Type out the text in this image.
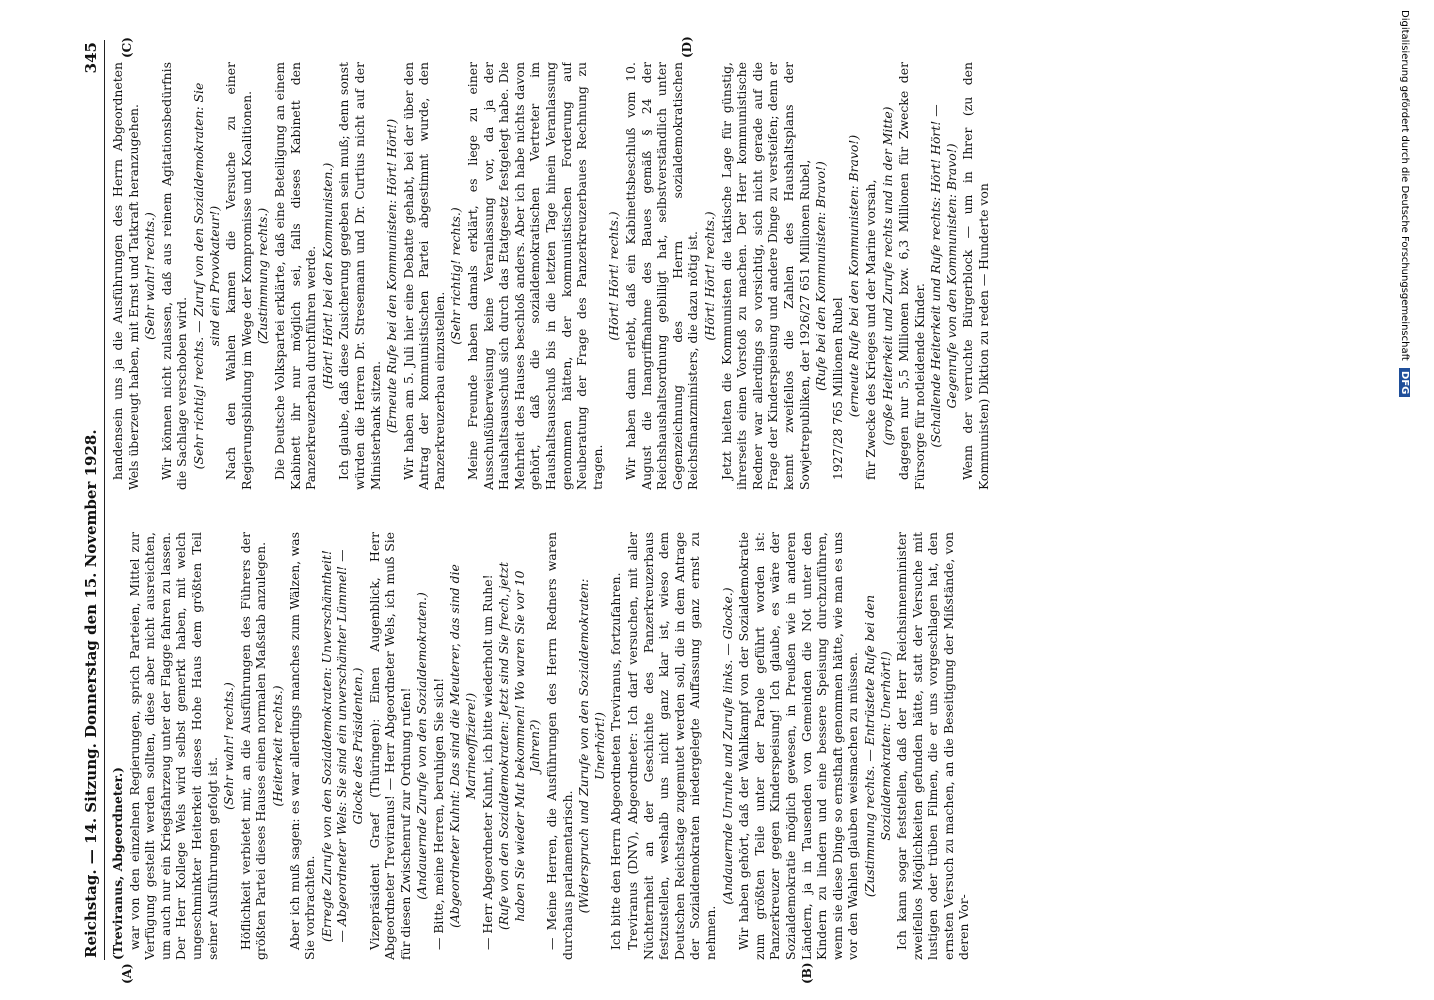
Reichstag. — 14. Sitzung. Donnerstag den 15. November 1928.
345

(Treviranus, Abgeordneter.) war von den einzelnen Regierungen, sprich Parteien, Mittel zur Verfügung gestellt werden sollten, diese aber nicht ausreichten, um auch nur ein Kriegsfahrzeug unter der Flagge fahren zu lassen. Der Herr Kollege Wels wird selbst gemerkt haben, mit welch ungeschminkter Heiterkeit dieses Hohe Haus dem größten Teil seiner Ausführungen gefolgt ist.

(Sehr wahr! rechts.) Höflichkeit verbietet mir, an die Ausführungen des Führers der größten Partei dieses Hauses einen normalen Maßstab anzulegen. (Heiterkeit rechts.) Aber ich muß sagen: es war allerdings manches zum Wälzen, was Sie vorbrachten. (Erregte Zurufe von den Sozialdemokraten: Unverschämtheit! — Abgeordneter Wels: Sie sind ein unverschämter Lümmel! — Glocke des Präsidenten.) Vizepräsident Graef (Thüringen): Einen Augenblick, Herr Abgeordneter Treviranus! — Herr Abgeordneter Wels, ich muß Sie für diesen Zwischenruf zur Ordnung rufen! (Andauernde Zurufe von den Sozialdemokraten.) — Bitte, meine Herren, beruhigen Sie sich! (Abgeordneter Kuhnt: Das sind die Meuterer, das sind die Marineoffiziere!) — Herr Abgeordneter Kuhnt, ich bitte wiederholt um Ruhe! (Rufe von den Sozialdemokraten: Jetzt sind Sie frech, jetzt haben Sie wieder Mut bekommen! Wo waren Sie vor 10 Jahren?) — Meine Herren, die Ausführungen des Herrn Redners waren durchaus parlamentarisch. (Widerspruch und Zurufe von den Sozialdemokraten: Unerhört!) Ich bitte den Herrn Abgeordneten Treviranus, fortzufahren. Treviranus (DNV), Abgeordneter: Ich darf versuchen, mit aller Nüchternheit an der Geschichte des Panzerkreuzerbaus festzustellen, weshalb uns nicht ganz klar ist, wieso dem Deutschen Reichstage zugemutet werden soll, die in dem Antrage der Sozialdemokraten niedergelegte Auffassung ganz ernst zu nehmen.

(Andauernde Unruhe und Zurufe links. — Glocke.) Wir haben gehört, daß der Wahlkampf von der Sozialdemokratie zum größten Teile unter der Parole geführt worden ist: Panzerkreuzer gegen Kinderspeisung! Ich glaube, es wäre der Sozialdemokratie möglich gewesen, in Preußen wie in anderen Ländern, ja in Tausenden von Gemeinden die Not unter den Kindern zu lindern und eine bessere Speisung durchzuführen, wenn sie diese Dinge so ernsthaft genommen hätte, wie man es uns vor den Wahlen glauben weismachen zu müssen. (Zustimmung rechts. — Entrüstete Rufe bei den Sozialdemokraten: Unerhört!) Ich kann sogar feststellen, daß der Herr Reichsinnenminister zweifellos Möglichkeiten gefunden hätte, statt der Versuche mit lustigen oder trüben Filmen, die er uns vorgeschlagen hat, den ernsten Versuch zu machen, an die Beseitigung der Mißstände, von deren Vor-

handensein uns ja die Ausführungen des Herrn Abgeordneten Wels überzeugt haben, mit Ernst und Tatkraft heranzugehen. (Sehr wahr! rechts.) Wir können nicht zulassen, daß aus reinem Agitationsbedürfnis die Sachlage verschoben wird. (Sehr richtig! rechts. — Zuruf von den Sozialdemokraten: Sie sind ein Provokateur!) Nach den Wahlen kamen die Versuche zu einer Regierungsbildung im Wege der Kompromisse und Koalitionen. (Zustimmung rechts.) Die Deutsche Volkspartei erklärte, daß eine Beteiligung an einem Kabinett ihr nur möglich sei, falls dieses Kabinett den Panzerkreuzerbau durchführen werde. (Hört! Hört! bei den Kommunisten.) Ich glaube, daß diese Zusicherung gegeben sein muß; denn sonst würden die Herren Dr. Stresemann und Dr. Curtius nicht auf der Ministerbank sitzen. (Erneute Rufe bei den Kommunisten: Hört! Hört!) Wir haben am 5. Juli hier eine Debatte gehabt, bei der über den Antrag der kommunistischen Partei abgestimmt wurde, den Panzerkreuzerbau einzustellen.

(Sehr richtig! rechts.) Meine Freunde haben damals erklärt, es liege zu einer Ausschußüberweisung keine Veranlassung vor, da ja der Haushaltsausschuß sich durch das Etatgesetz festgelegt habe. Die Mehrheit des Hauses beschloß anders. Aber ich habe nichts davon gehört, daß die sozialdemokratischen Vertreter im Haushaltsausschuß bis in die letzten Tage hinein Veranlassung genommen hätten, der kommunistischen Forderung auf Neuberatung der Frage des Panzerkreuzerbaues Rechnung zu tragen.

(Hört! Hört! rechts.) Wir haben dann erlebt, daß ein Kabinettsbeschluß vom 10. August die Inangriffnahme des Baues gemäß § 24 der Reichshaushaltsordnung gebilligt hat, selbstverständlich unter Gegenzeichnung des Herrn sozialdemokratischen Reichsfinanzministers, die dazu nötig ist. (Hört! Hört! rechts.) Jetzt hielten die Kommunisten die taktische Lage für günstig, ihrerseits einen Vorstoß zu machen. Der Herr kommunistische Redner war allerdings so vorsichtig, sich nicht gerade auf die Frage der Kinderspeisung und andere Dinge zu versteifen; denn er kennt zweifellos die Zahlen des Haushaltsplans der Sowjetrepubliken, der 1926/27 651 Millionen Rubel, (Rufe bei den Kommunisten: Bravo!) 1927/28 765 Millionen Rubel (erneute Rufe bei den Kommunisten: Bravo!) für Zwecke des Krieges und der Marine vorsah, (große Heiterkeit und Zurufe rechts und in der Mitte) dagegen nur 5,5 Millionen bzw. 6,3 Millionen für Zwecke der Fürsorge für notleidende Kinder. (Schallende Heiterkeit und Rufe rechts: Hört! Hört! — Gegenrufe von den Kommunisten: Bravo!) Wenn der verruchte Bürgerblock — um in Ihrer (zu den Kommunisten) Diktion zu reden — Hunderte von

(A)	(B)
(C)	(D)	Digitalisierung gefördert durch die Deutsche Forschungsgemeinschaft DFG
